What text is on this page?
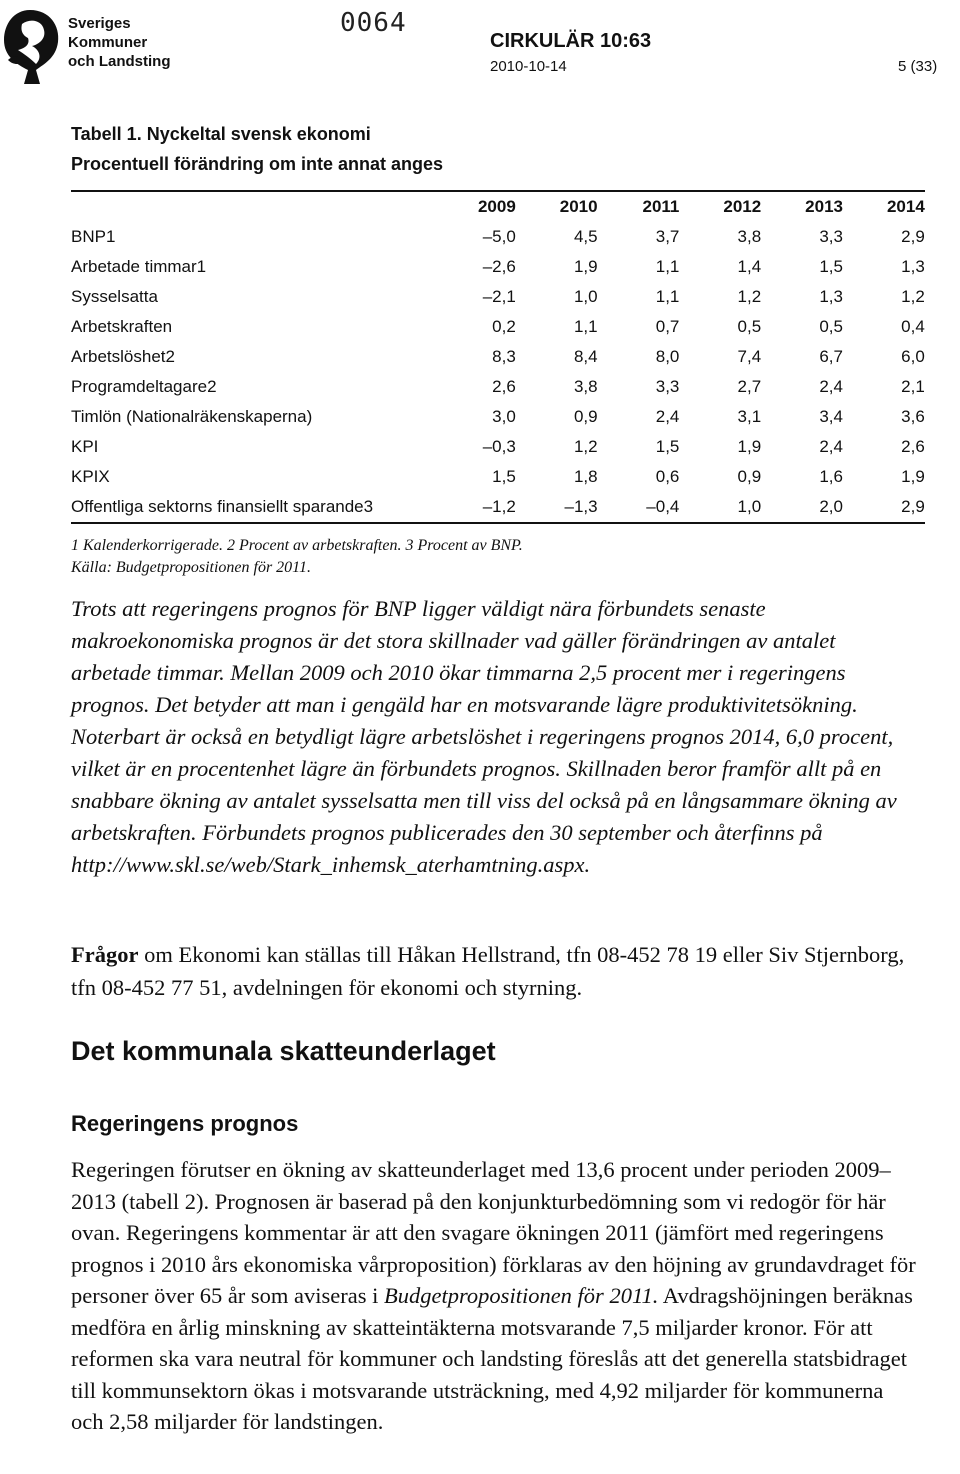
Sveriges
Kommuner
och Landsting
0064
CIRKULÄR 10:63
2010-10-14	5 (33)
Tabell 1. Nyckeltal svensk ekonomi
Procentuell förändring om inte annat anges
2009	2010	2011	2012	2013	2014
BNP1	–5,0	4,5	3,7	3,8	3,3	2,9
Arbetade timmar1	–2,6	1,9	1,1	1,4	1,5	1,3
Sysselsatta	–2,1	1,0	1,1	1,2	1,3	1,2
Arbetskraften	0,2	1,1	0,7	0,5	0,5	0,4
Arbetslöshet2	8,3	8,4	8,0	7,4	6,7	6,0
Programdeltagare2	2,6	3,8	3,3	2,7	2,4	2,1
Timlön (Nationalräkenskaperna)	3,0	0,9	2,4	3,1	3,4	3,6
KPI	–0,3	1,2	1,5	1,9	2,4	2,6
KPIX	1,5	1,8	0,6	0,9	1,6	1,9
Offentliga sektorns finansiellt sparande3	–1,2	–1,3	–0,4	1,0	2,0	2,9
1 Kalenderkorrigerade. 2 Procent av arbetskraften. 3 Procent av BNP.
Källa: Budgetpropositionen för 2011.
Trots att regeringens prognos för BNP ligger väldigt nära förbundets senaste makroekonomiska prognos är det stora skillnader vad gäller förändringen av antalet arbetade timmar. Mellan 2009 och 2010 ökar timmarna 2,5 procent mer i regeringens prognos. Det betyder att man i gengäld har en motsvarande lägre produktivitetsökning. Noterbart är också en betydligt lägre arbetslöshet i regeringens prognos 2014, 6,0 procent, vilket är en procentenhet lägre än förbundets prognos. Skillnaden beror framför allt på en snabbare ökning av antalet sysselsatta men till viss del också på en långsammare ökning av arbetskraften. Förbundets prognos publicerades den 30 september och återfinns på http://www.skl.se/web/Stark_inhemsk_aterhamtning.aspx.
Frågor om Ekonomi kan ställas till Håkan Hellstrand, tfn 08-452 78 19 eller Siv Stjernborg, tfn 08-452 77 51, avdelningen för ekonomi och styrning.
Det kommunala skatteunderlaget
Regeringens prognos
Regeringen förutser en ökning av skatteunderlaget med 13,6 procent under perioden 2009–2013 (tabell 2). Prognosen är baserad på den konjunkturbedömning som vi redogör för här ovan. Regeringens kommentar är att den svagare ökningen 2011 (jämfört med regeringens prognos i 2010 års ekonomiska vårproposition) förklaras av den höjning av grundavdraget för personer över 65 år som aviseras i Budgetpropositionen för 2011. Avdragshöjningen beräknas medföra en årlig minskning av skatteintäkterna motsvarande 7,5 miljarder kronor. För att reformen ska vara neutral för kommuner och landsting föreslås att det generella statsbidraget till kommunsektorn ökas i motsvarande utsträckning, med 4,92 miljarder för kommunerna och 2,58 miljarder för landstingen.
